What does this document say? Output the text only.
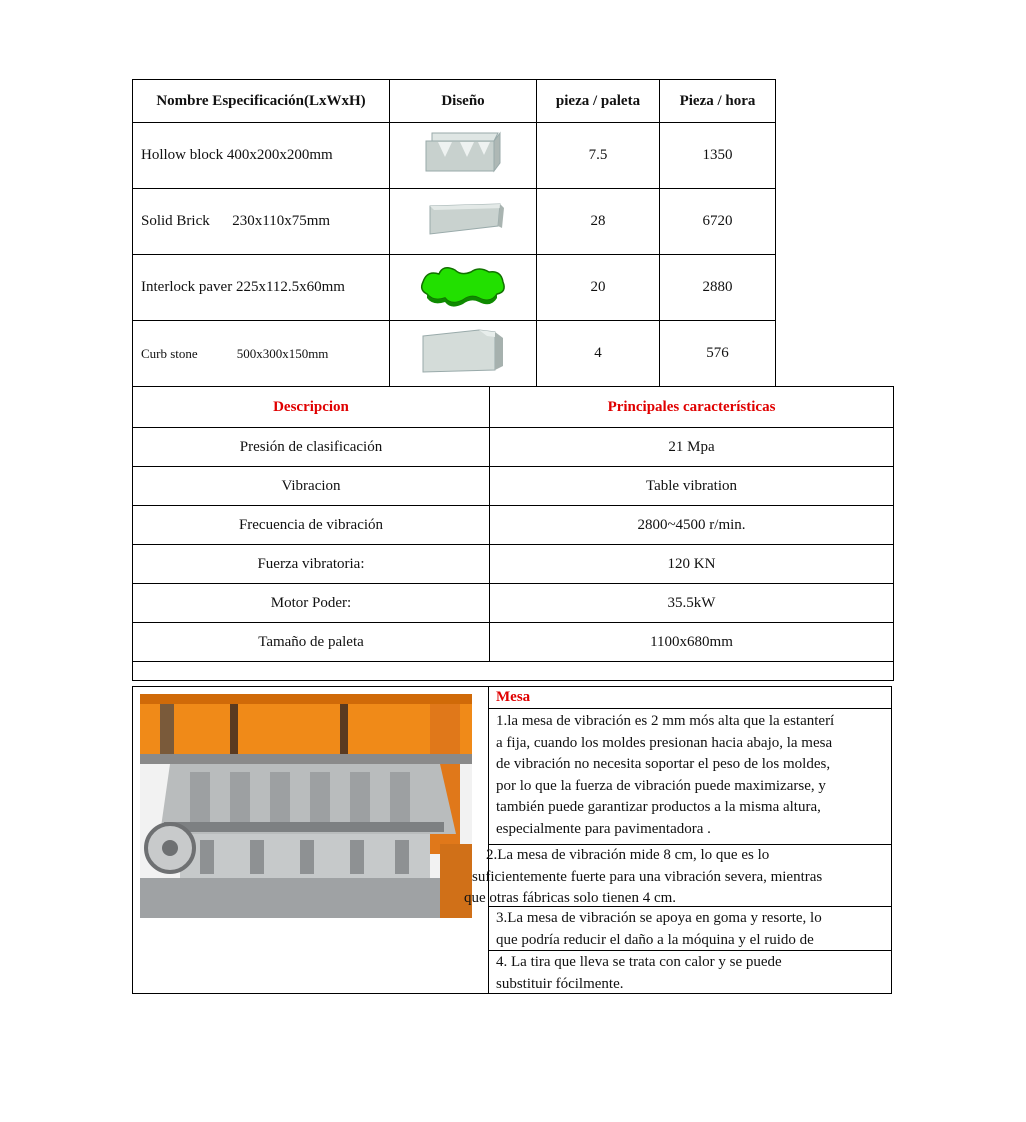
Nombre Especificación(LxWxH)	Diseño	pieza / paleta	Pieza / hora
Hollow block 400x200x200mm		7.5	1350
Solid Brick      230x110x75mm		28	6720
Interlock paver 225x112.5x60mm		20	2880
Curb stone            500x300x150mm		4	576
Descripcion	Principales características
Presión de clasificación	21 Mpa
Vibracion	Table vibration
Frecuencia de vibración	2800~4500 r/min.
Fuerza vibratoria:	120 KN
Motor Poder:	35.5kW
Tamaño de paleta	1100x680mm

Mesa
1.la mesa de vibración es 2 mm mós alta que la estanterí
a fija, cuando los moldes presionan hacia abajo, la mesa
de vibración no necesita soportar el peso de los moldes,
por lo que la fuerza de vibración puede maximizarse, y
también puede garantizar productos a la misma altura,
especialmente para pavimentadora .
2.La mesa de vibración mide 8 cm, lo que es lo
suficientemente fuerte para una vibración severa, mientras
que otras fábricas solo tienen 4 cm.
3.La mesa de vibración se apoya en goma y resorte, lo
que podría reducir el daño a la móquina y el ruido de
4. La tira que lleva se trata con calor y se puede
substituir fócilmente.
